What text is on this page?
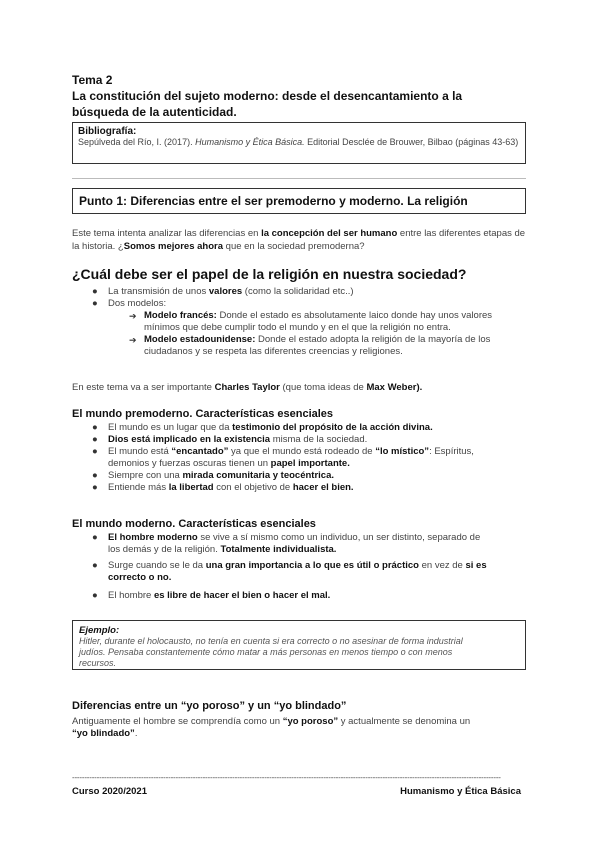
Tema 2
La constitución del sujeto moderno: desde el desencantamiento a la
búsqueda de la autenticidad.
Bibliografía:
Sepúlveda del Río, I. (2017). Humanismo y Ética Básica. Editorial Desclée de Brouwer, Bilbao (páginas 43-63)
Punto 1: Diferencias entre el ser premoderno y moderno. La religión
Este tema intenta analizar las diferencias en la concepción del ser humano entre las diferentes etapas de la historia. ¿Somos mejores ahora que en la sociedad premoderna?
¿Cuál debe ser el papel de la religión en nuestra sociedad?
● La transmisión de unos valores (como la solidaridad etc..)
● Dos modelos:
➔ Modelo francés: Donde el estado es absolutamente laico donde hay unos valores
mínimos que debe cumplir todo el mundo y en el que la religión no entra.
➔ Modelo estadounidense: Donde el estado adopta la religión de la mayoría de los
ciudadanos y se respeta las diferentes creencias y religiones.
En este tema va a ser importante Charles Taylor (que toma ideas de Max Weber).
El mundo premoderno. Características esenciales
● El mundo es un lugar que da testimonio del propósito de la acción divina.
● Dios está implicado en la existencia misma de la sociedad.
● El mundo está “encantado” ya que el mundo está rodeado de “lo místico”: Espíritus,
demonios y fuerzas oscuras tienen un papel importante.
● Siempre con una mirada comunitaria y teocéntrica.
● Entiende más la libertad con el objetivo de hacer el bien.
El mundo moderno. Características esenciales
● El hombre moderno se vive a sí mismo como un individuo, un ser distinto, separado de
los demás y de la religión. Totalmente individualista.
● Surge cuando se le da una gran importancia a lo que es útil o práctico en vez de si es
correcto o no.
● El hombre es libre de hacer el bien o hacer el mal.
Ejemplo:
Hitler, durante el holocausto, no tenía en cuenta si era correcto o no asesinar de forma industrial
judíos. Pensaba constantemente cómo matar a más personas en menos tiempo o con menos
recursos.
Diferencias entre un “yo poroso” y un “yo blindado”
Antiguamente el hombre se comprendía como un “yo poroso” y actualmente se denomina un
“yo blindado”.
------------------------------------------------------------------------------------------------------------------------------------------------------------------------------
Curso 2020/2021	Humanismo y Ética Básica
